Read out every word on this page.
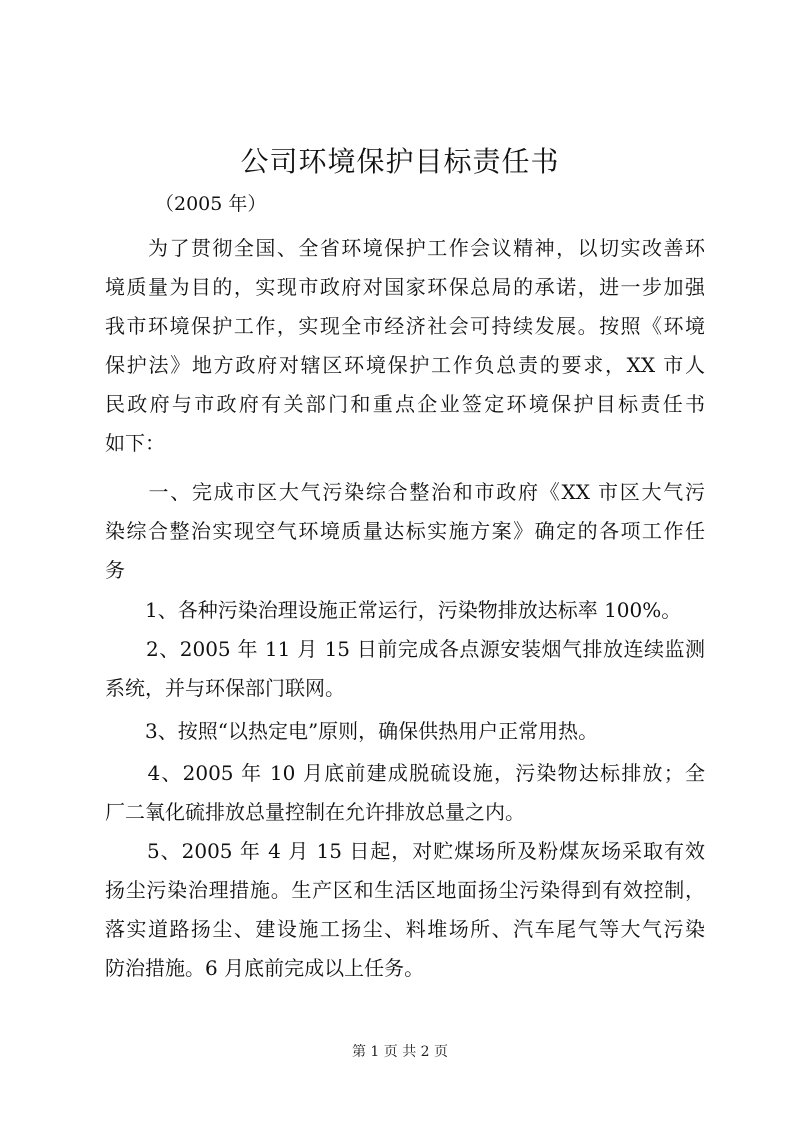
公司环境保护目标责任书
（2005 年）
　　为了贯彻全国、全省环境保护工作会议精神，以切实改善环
境质量为目的，实现市政府对国家环保总局的承诺，进一步加强
我市环境保护工作，实现全市经济社会可持续发展。按照《环境
保护法》地方政府对辖区环境保护工作负总责的要求，XX 市人
民政府与市政府有关部门和重点企业签定环境保护目标责任书
如下：
　　一、完成市区大气污染综合整治和市政府《XX 市区大气污
染综合整治实现空气环境质量达标实施方案》确定的各项工作任
务
　　1、各种污染治理设施正常运行，污染物排放达标率 100%。
　　2、2005 年 11 月 15 日前完成各点源安装烟气排放连续监测
系统，并与环保部门联网。
　　3、按照“以热定电”原则，确保供热用户正常用热。
　　4、2005 年 10 月底前建成脱硫设施，污染物达标排放；全
厂二氧化硫排放总量控制在允许排放总量之内。
　　5、2005 年 4 月 15 日起，对贮煤场所及粉煤灰场采取有效
扬尘污染治理措施。生产区和生活区地面扬尘污染得到有效控制，
落实道路扬尘、建设施工扬尘、料堆场所、汽车尾气等大气污染
防治措施。6 月底前完成以上任务。
第 1 页 共 2 页
